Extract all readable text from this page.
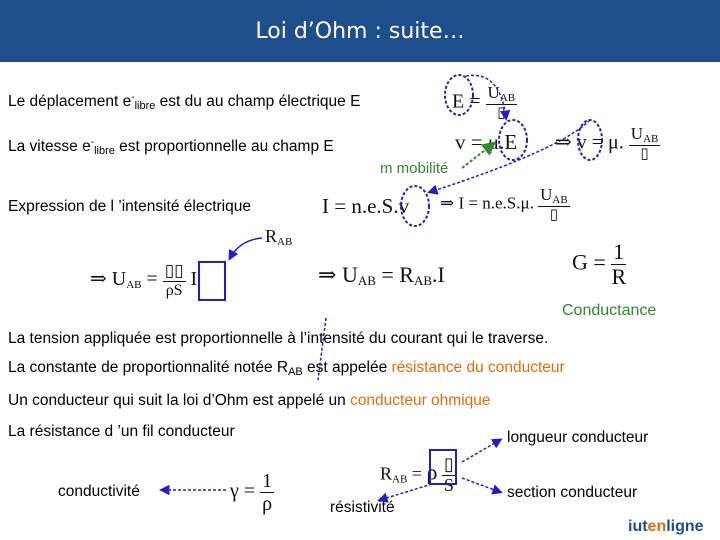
Loi d’Ohm : suite…
Le déplacement $e^-_{libre}$ est du au champ électrique E	$E = \frac{U_{AB}}{▯}$
La vitesse $e^-_{libre}$ est proportionnelle au champ E	v = μ.E ⇒ v = μ. $\frac{U_{AB}}{▯}$
m mobilité
Expression de l ’intensité électrique	I = n.e.S.v ⇒ I = n.e.S.μ. $\frac{U_{AB}}{▯}$
$R_{AB}$
⇒ $U_{AB} = \frac{▯▯}{\rho S}$ I	⇒ $U_{AB} = R_{AB}.I$	$G = \frac{1}{R}$
Conductance
La tension appliquée est proportionnelle à l’intensité du courant qui le traverse.
La constante de proportionnalité notée $R_{AB}$ est appelée résistance du conducteur
Un conducteur qui suit la loi d’Ohm est appelé un conducteur ohmique
La résistance d ’un fil conducteur	longueur conducteur
$R_{AB} = \rho \frac{▯}{S}$
conductivité	$\gamma = \frac{1}{\rho}$	section conducteur
résistivité
iutenligne
